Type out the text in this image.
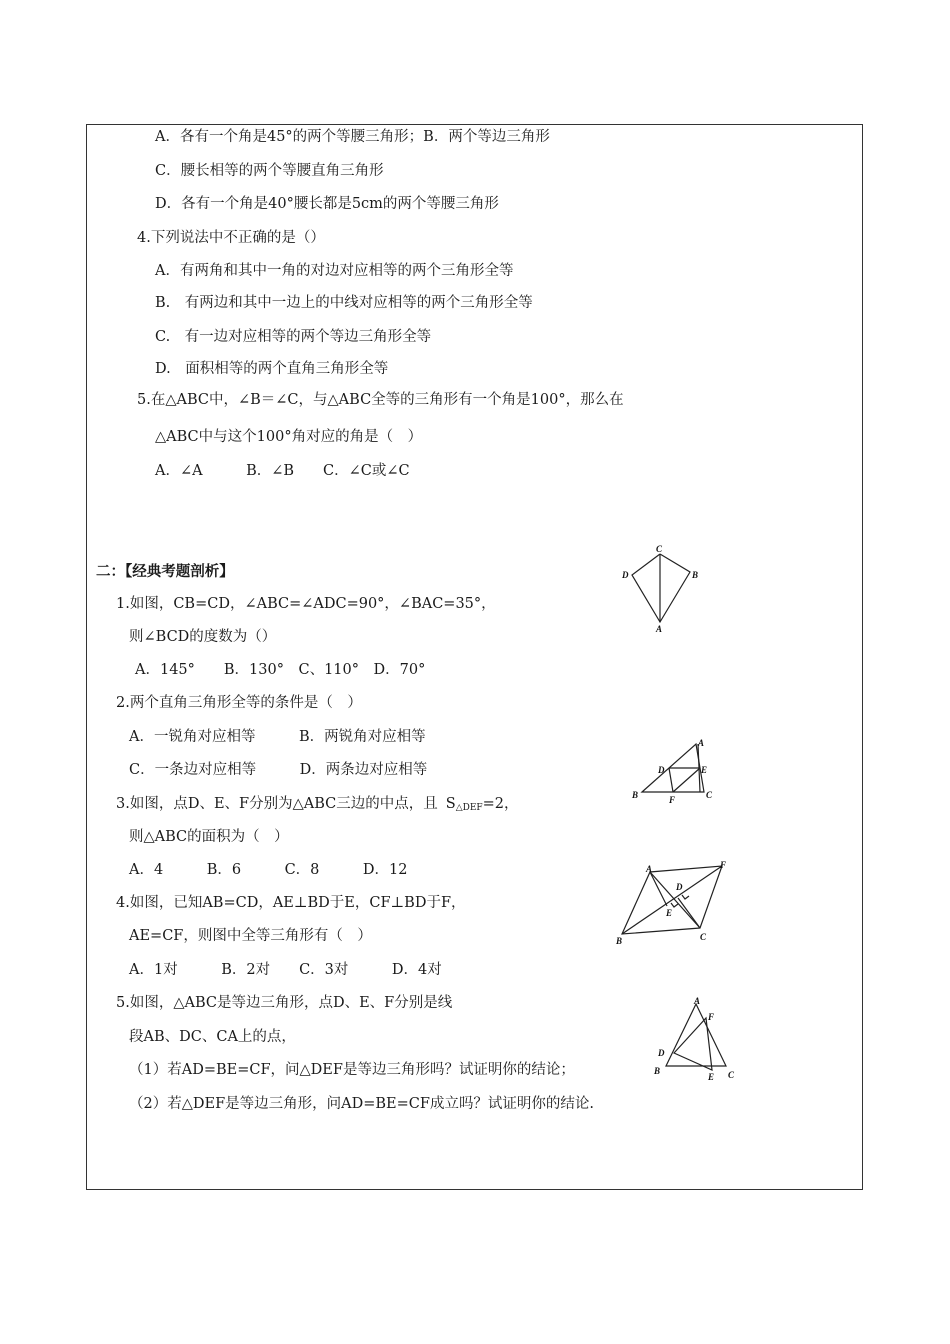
A．各有一个角是45°的两个等腰三角形；B．两个等边三角形
C．腰长相等的两个等腰直角三角形
D．各有一个角是40°腰长都是5cm的两个等腰三角形
4.下列说法中不正确的是（）
A．有两角和其中一角的对边对应相等的两个三角形全等
B.　有两边和其中一边上的中线对应相等的两个三角形全等
C.　有一边对应相等的两个等边三角形全等
D.　面积相等的两个直角三角形全等
5.在△ABC中，∠B＝∠C，与△ABC全等的三角形有一个角是100°，那么在
△ABC中与这个100°角对应的角是（　）
A．∠A　　　B．∠B　　C．∠C或∠C
二：【经典考题剖析】
1.如图，CB=CD，∠ABC=∠ADC=90°，∠BAC=35°，
则∠BCD的度数为（）
A．145°　　B．130°　C、110°　D．70°
2.两个直角三角形全等的条件是（　）
A．一锐角对应相等　　　B．两锐角对应相等
C．一条边对应相等　　　D．两条边对应相等
3.如图，点D、E、F分别为△ABC三边的中点，且 $S_{\triangle DEF}=2$，
则△ABC的面积为（　）
A．4　　　B．6　　　C．8　　　D．12
4.如图，已知AB=CD，AE⊥BD于E，CF⊥BD于F，
AE=CF，则图中全等三角形有（　）
A．1对　　　B．2对　　C．3对　　　D．4对
5.如图，△ABC是等边三角形，点D、E、F分别是线
段AB、DC、CA上的点，
（1）若AD=BE=CF，问△DEF是等边三角形吗？试证明你的结论；
（2）若△DEF是等边三角形，问AD=BE=CF成立吗？试证明你的结论.
C
D	B
A
A
D	E
B	F	C
A
D
F
E
B	C
A
F
D
B
E C
